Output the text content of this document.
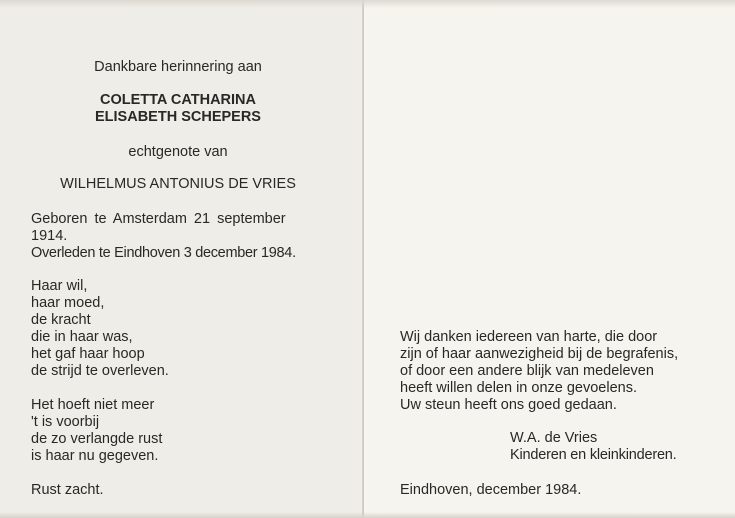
Dankbare herinnering aan
COLETTA CATHARINA
ELISABETH SCHEPERS
echtgenote van
WILHELMUS ANTONIUS DE VRIES
Geboren te Amsterdam 21 september
1914.
Overleden te Eindhoven 3 december 1984.
Haar wil,
haar moed,
de kracht
die in haar was,
het gaf haar hoop
de strijd te overleven.
Het hoeft niet meer
't is voorbij
de zo verlangde rust
is haar nu gegeven.
Rust zacht.
Wij danken iedereen van harte, die door
zijn of haar aanwezigheid bij de begrafenis,
of door een andere blijk van medeleven
heeft willen delen in onze gevoelens.
Uw steun heeft ons goed gedaan.
W.A. de Vries
Kinderen en kleinkinderen.
Eindhoven, december 1984.
